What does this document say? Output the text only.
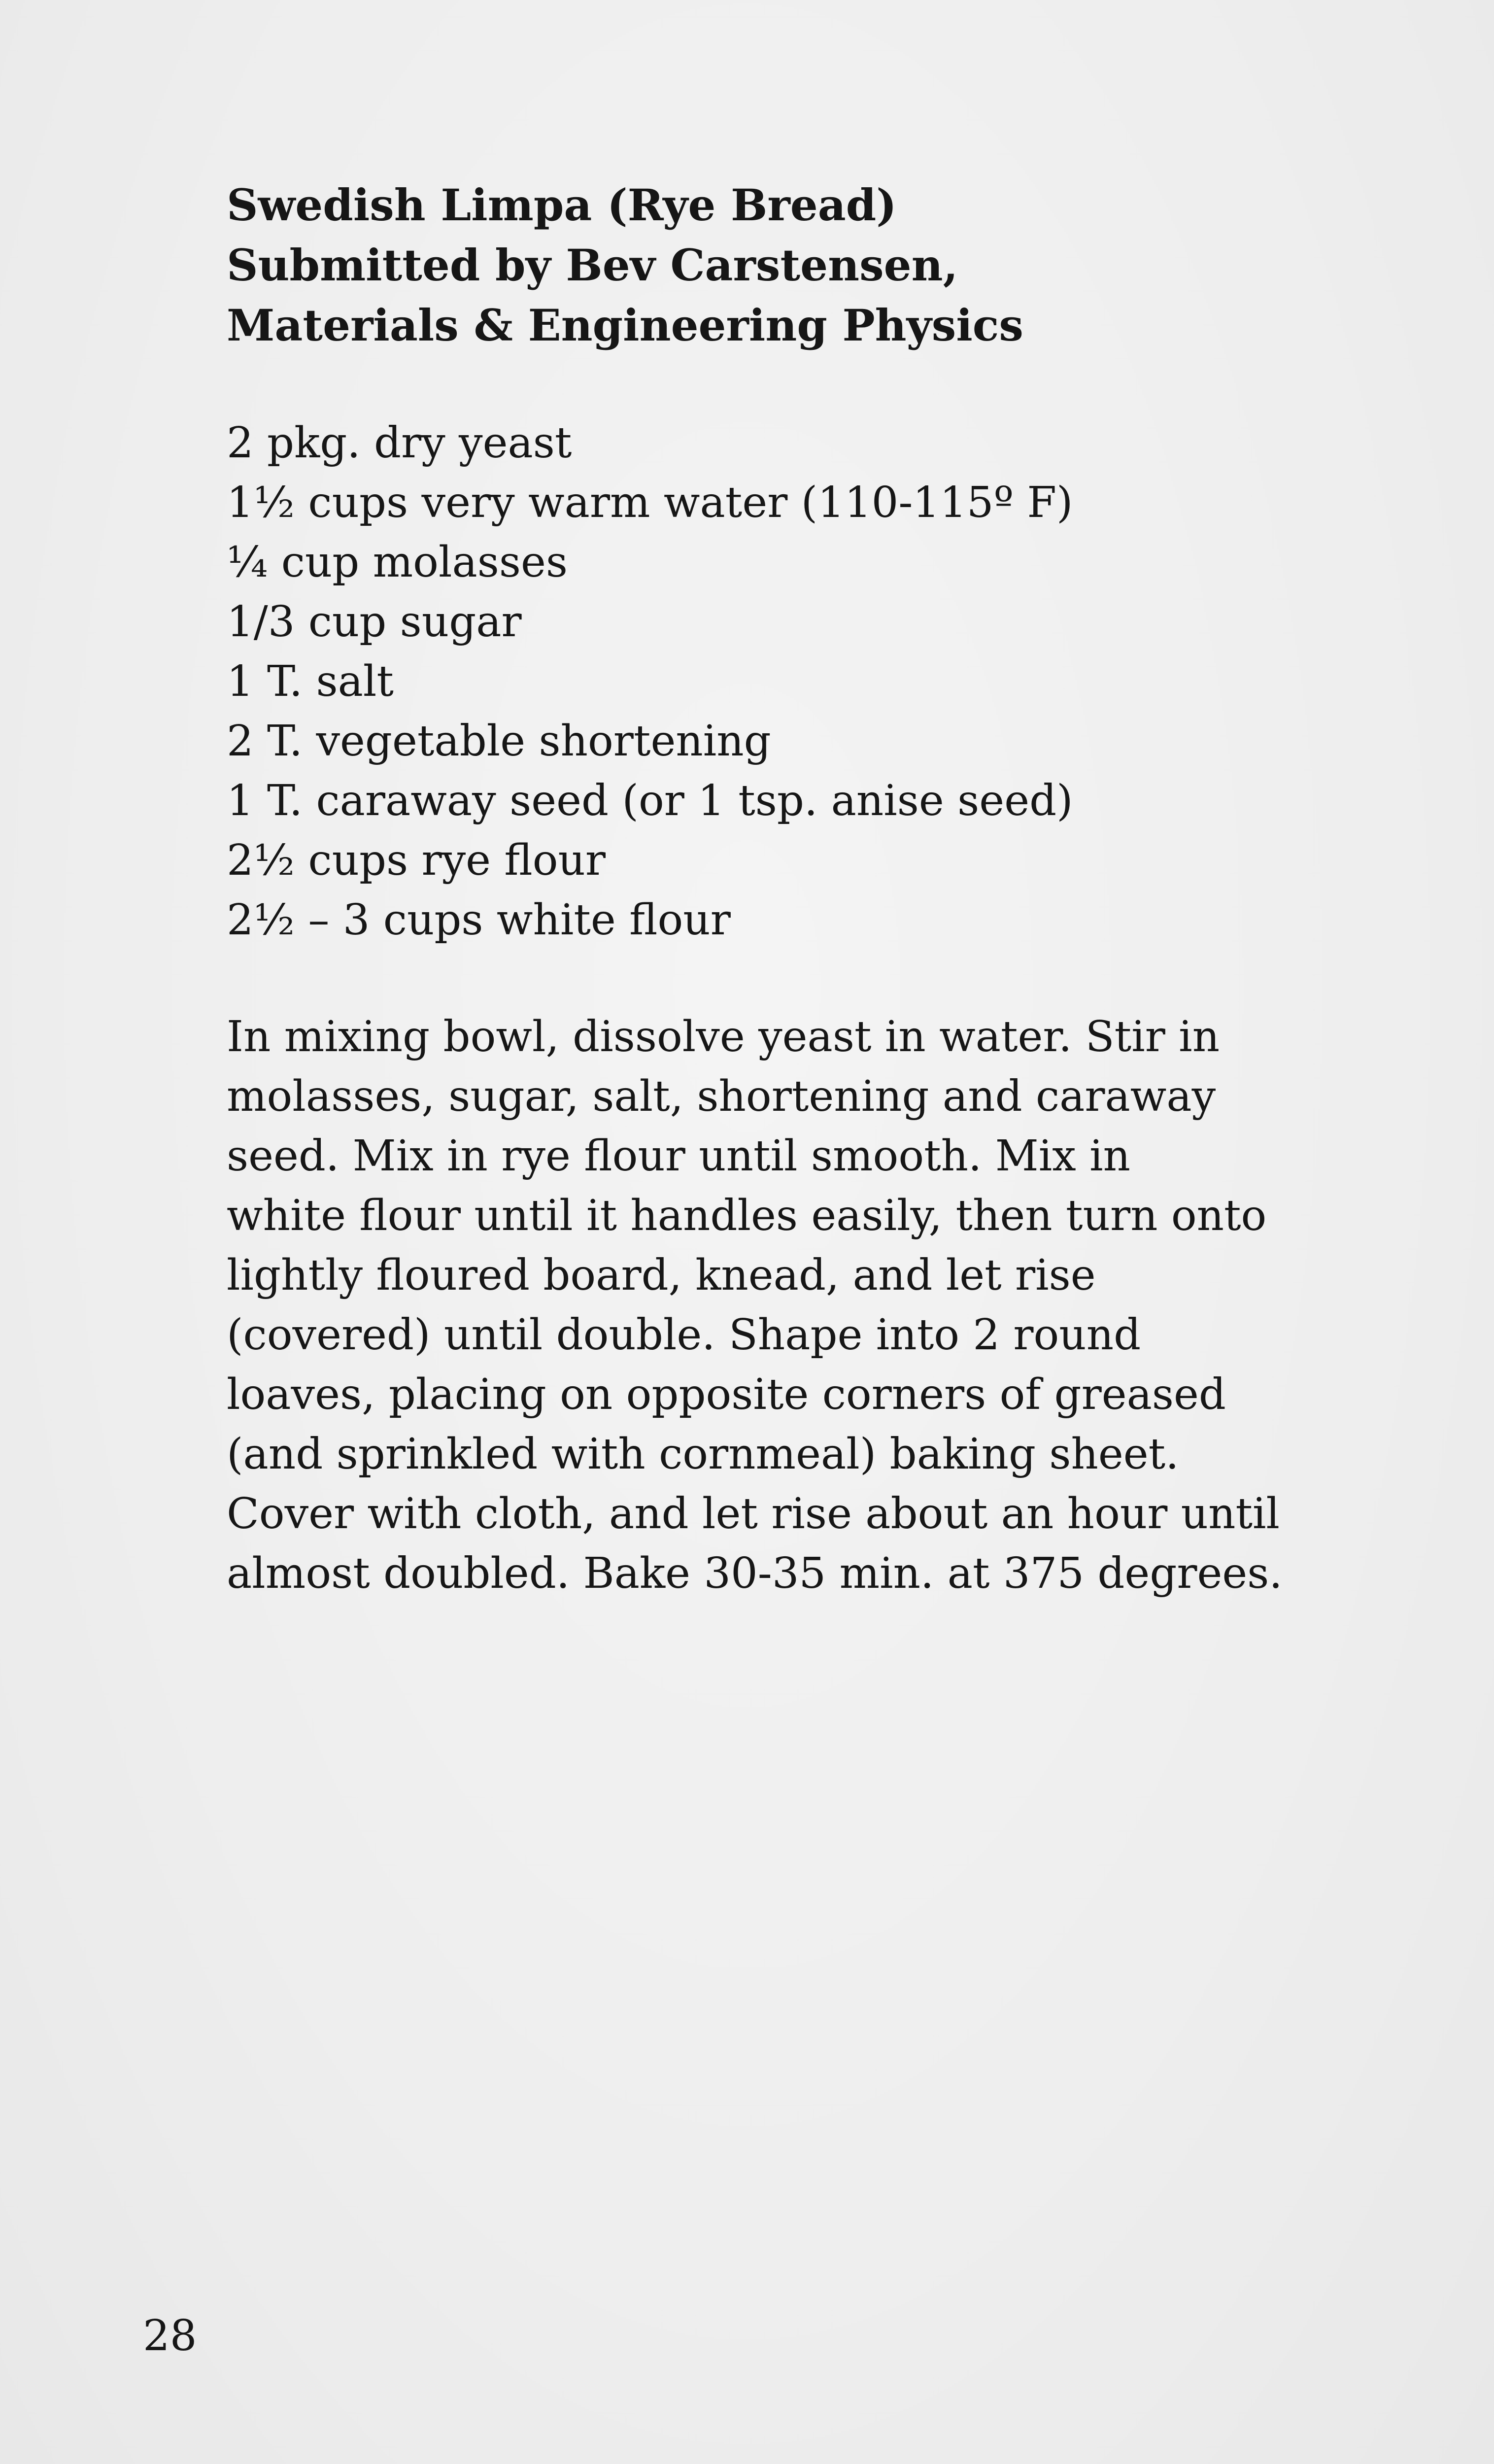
Swedish Limpa (Rye Bread)
Submitted by Bev Carstensen,
Materials & Engineering Physics
2 pkg. dry yeast
1½ cups very warm water (110-115º F)
¼ cup molasses
1/3 cup sugar
1 T. salt
2 T. vegetable shortening
1 T. caraway seed (or 1 tsp. anise seed)
2½ cups rye flour
2½ – 3 cups white flour
In mixing bowl, dissolve yeast in water. Stir in
molasses, sugar, salt, shortening and caraway
seed. Mix in rye flour until smooth. Mix in
white flour until it handles easily, then turn onto
lightly floured board, knead, and let rise
(covered) until double. Shape into 2 round
loaves, placing on opposite corners of greased
(and sprinkled with cornmeal) baking sheet.
Cover with cloth, and let rise about an hour until
almost doubled. Bake 30-35 min. at 375 degrees.
28
